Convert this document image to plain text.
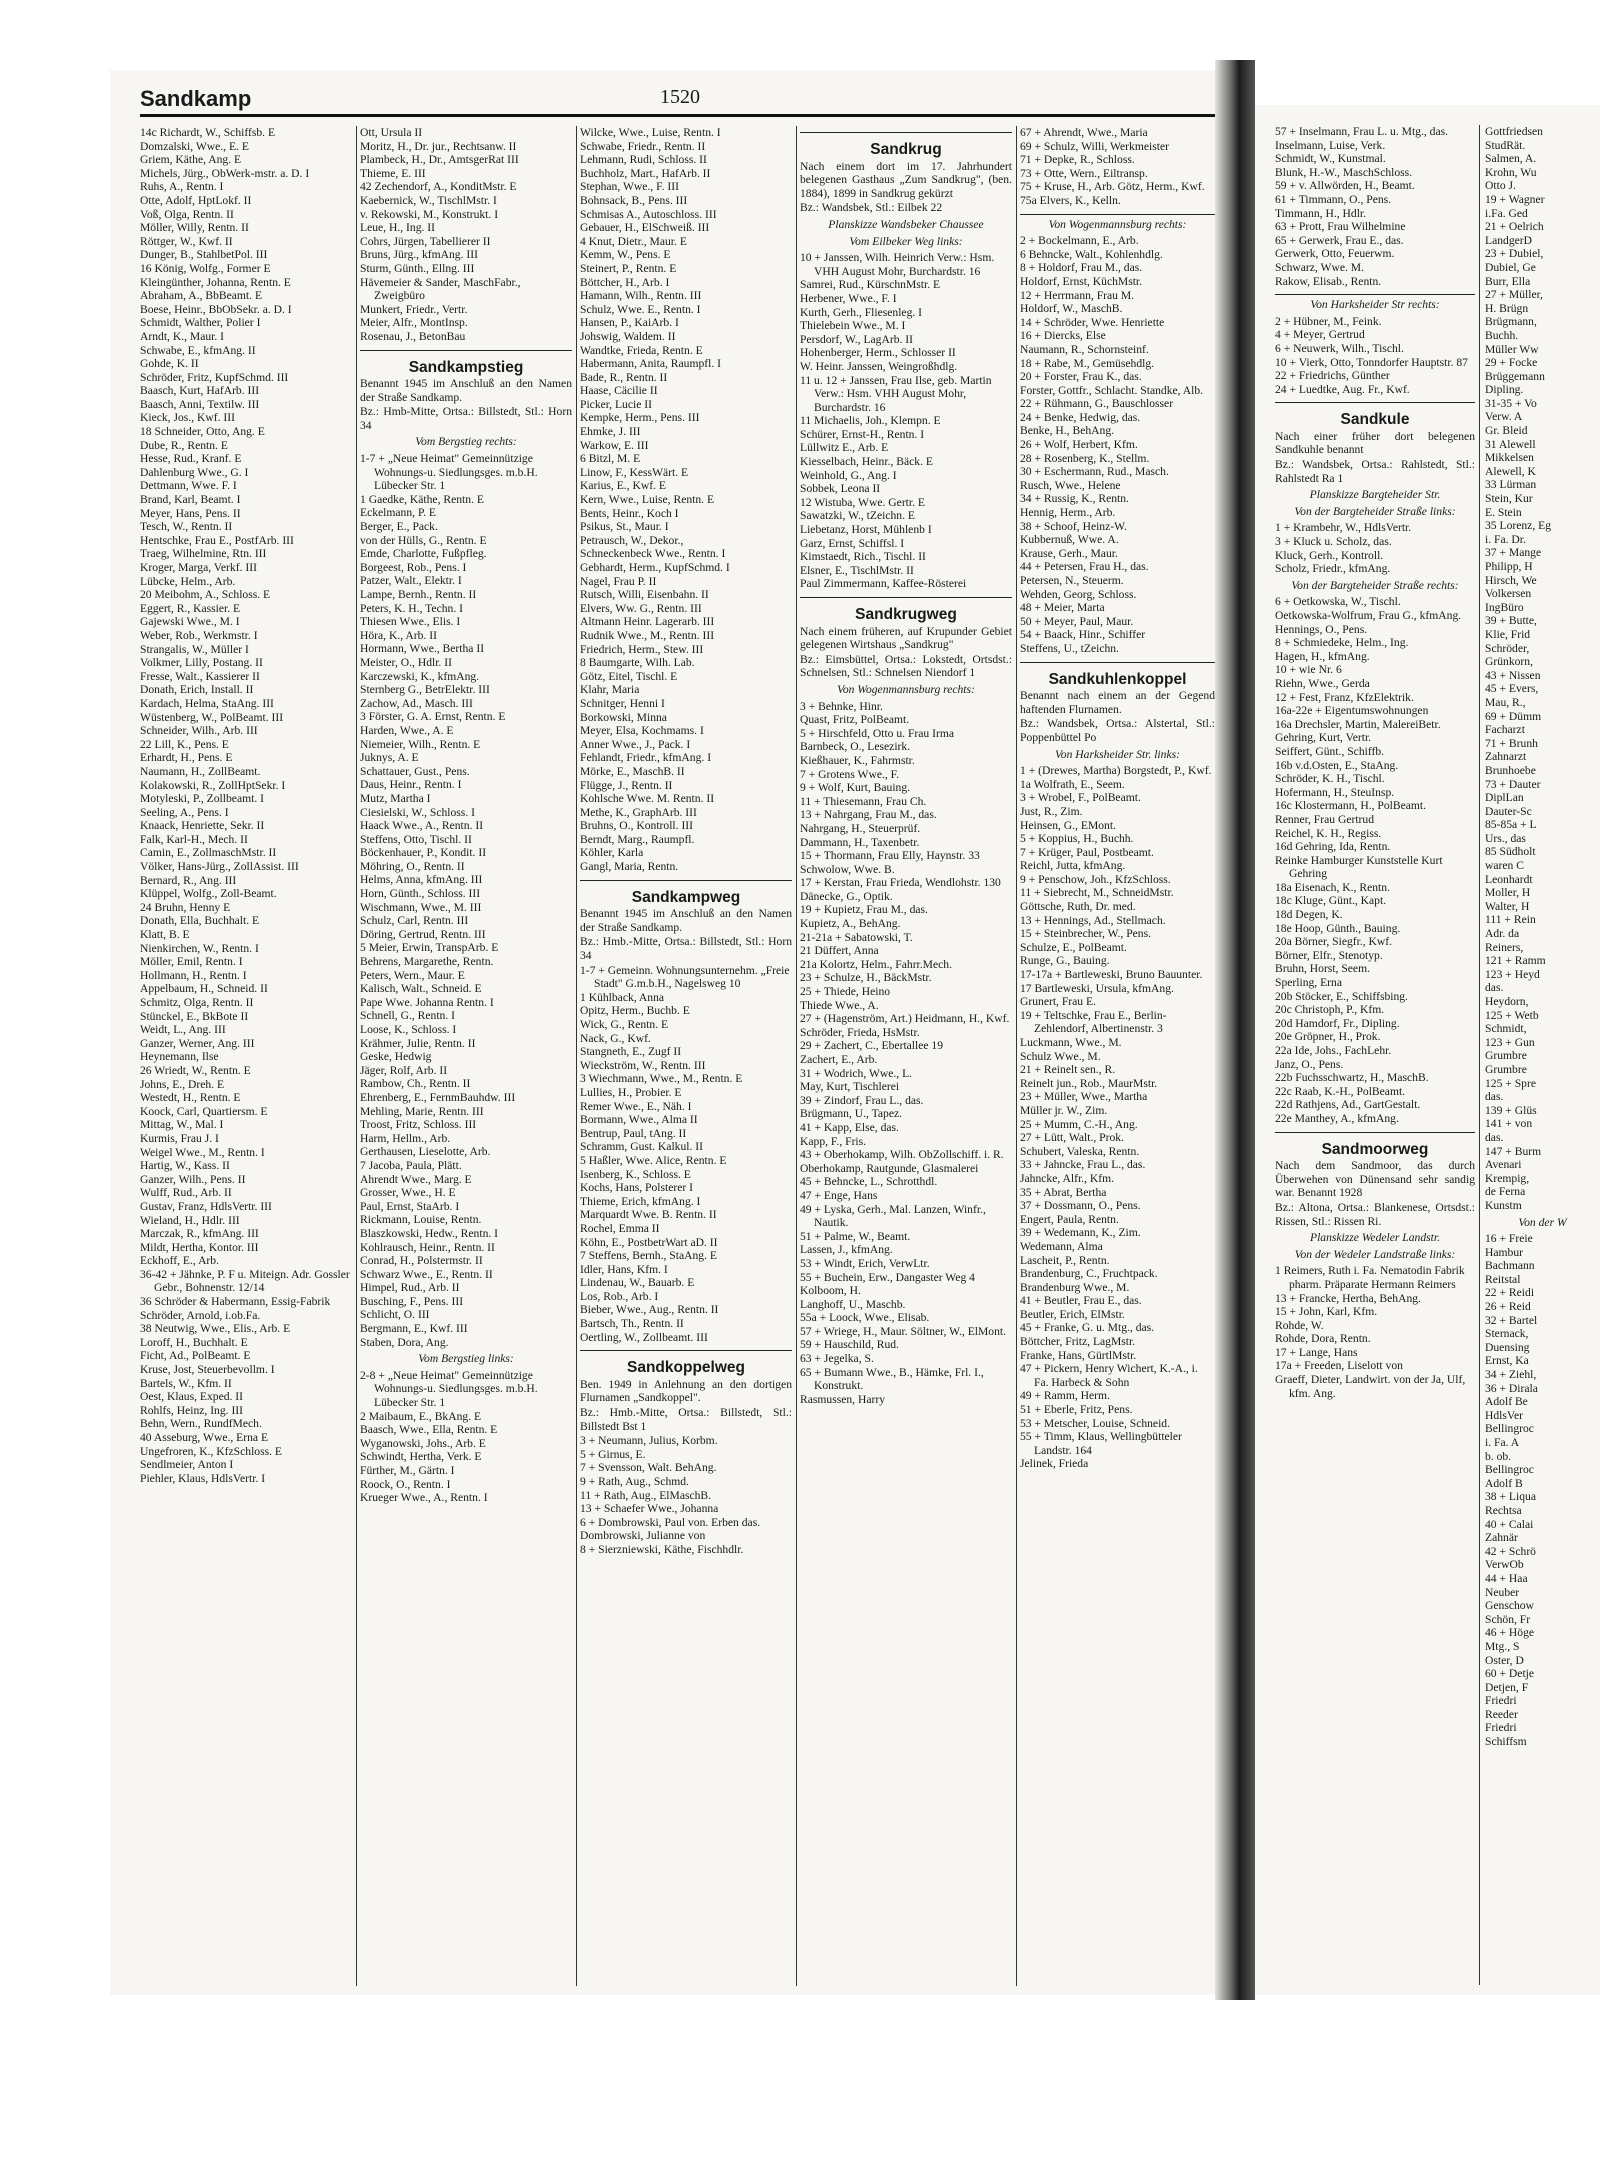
Sandkamp	1520
14c Richardt, W., Schiffsb. E
Domzalski, Wwe., E. E
Griem, Käthe, Ang. E
Michels, Jürg., ObWerk-mstr. a. D. I
Ruhs, A., Rentn. I
Otte, Adolf, HptLokf. II
Voß, Olga, Rentn. II
Möller, Willy, Rentn. II
Röttger, W., Kwf. II
Dunger, B., StahlbetPol. III
16 König, Wolfg., Former E
Kleingünther, Johanna, Rentn. E
Abraham, A., BbBeamt. E
Boese, Heinr., BbObSekr. a. D. I
Schmidt, Walther, Polier I
Arndt, K., Maur. I
Schwabe, E., kfmAng. II
Gohde, K. II
Schröder, Fritz, KupfSchmd. III
Baasch, Kurt, HafArb. III
Baasch, Anni, Textilw. III
Kieck, Jos., Kwf. III
18 Schneider, Otto, Ang. E
Dube, R., Rentn. E
Hesse, Rud., Kranf. E
Dahlenburg Wwe., G. I
Dettmann, Wwe. F. I
Brand, Karl, Beamt. I
Meyer, Hans, Pens. II
Tesch, W., Rentn. II
Hentschke, Frau E., PostfArb. III
Traeg, Wilhelmine, Rtn. III
Kroger, Marga, Verkf. III
Lübcke, Helm., Arb.
20 Meibohm, A., Schloss. E
Eggert, R., Kassier. E
Gajewski Wwe., M. I
Weber, Rob., Werkmstr. I
Strangalis, W., Müller I
Volkmer, Lilly, Postang. II
Fresse, Walt., Kassierer II
Donath, Erich, Install. II
Kardach, Helma, StaAng. III
Wüstenberg, W., PolBeamt. III
Schneider, Wilh., Arb. III
22 Lill, K., Pens. E
Erhardt, H., Pens. E
Naumann, H., ZollBeamt.
Kolakowski, R., ZollHptSekr. I
Motyleski, P., Zollbeamt. I
Seeling, A., Pens. I
Knaack, Henriette, Sekr. II
Falk, Karl-H., Mech. II
Camin, E., ZollmaschMstr. II
Völker, Hans-Jürg., ZollAssist. III
Bernard, R., Ang. III
Klüppel, Wolfg., Zoll-Beamt.
24 Bruhn, Henny E
Donath, Ella, Buchhalt. E
Klatt, B. E
Nienkirchen, W., Rentn. I
Möller, Emil, Rentn. I
Hollmann, H., Rentn. I
Appelbaum, H., Schneid. II
Schmitz, Olga, Rentn. II
Stünckel, E., BkBote II
Weidt, L., Ang. III
Ganzer, Werner, Ang. III
Heynemann, Ilse
26 Wriedt, W., Rentn. E
Johns, E., Dreh. E
Westedt, H., Rentn. E
Koock, Carl, Quartiersm. E
Mittag, W., Mal. I
Kurmis, Frau J. I
Weigel Wwe., M., Rentn. I
Hartig, W., Kass. II
Ganzer, Wilh., Pens. II
Wulff, Rud., Arb. II
Gustav, Franz, HdlsVertr. III
Wieland, H., Hdlr. III
Marczak, R., kfmAng. III
Mildt, Hertha, Kontor. III
Eckhoff, E., Arb.
36-42 + Jähnke, P. F u. Miteign. Adr. Gossler Gebr., Bohnenstr. 12/14
36 Schröder & Habermann, Essig-Fabrik
Schröder, Arnold, i.ob.Fa.
38 Neutwig, Wwe., Elis., Arb. E
Loroff, H., Buchhalt. E
Ficht, Ad., PolBeamt. E
Kruse, Jost, Steuerbevollm. I
Bartels, W., Kfm. II
Oest, Klaus, Exped. II
Rohlfs, Heinz, Ing. III
Behn, Wern., RundfMech.
40 Asseburg, Wwe., Erna E
Ungefroren, K., KfzSchloss. E
Sendlmeier, Anton I
Piehler, Klaus, HdlsVertr. I
Ott, Ursula II
Moritz, H., Dr. jur., Rechtsanw. II
Plambeck, H., Dr., AmtsgerRat III
Thieme, E. III
42 Zechendorf, A., KonditMstr. E
Kaebernick, W., TischlMstr. I
v. Rekowski, M., Konstrukt. I
Leue, H., Ing. II
Cohrs, Jürgen, Tabellierer II
Bruns, Jürg., kfmAng. III
Sturm, Günth., Ellng. III
Hävemeier & Sander, MaschFabr., Zweigbüro
Munkert, Friedr., Vertr.
Meier, Alfr., MontInsp.
Rosenau, J., BetonBau
Sandkampstieg
Benannt 1945 im Anschluß an den Namen der Straße Sandkamp.
Bz.: Hmb-Mitte, Ortsa.: Billstedt, Stl.: Horn 34
Vom Bergstieg rechts:
1-7 + „Neue Heimat" Gemeinnützige Wohnungs-u. Siedlungsges. m.b.H. Lübecker Str. 1
1 Gaedke, Käthe, Rentn. E
Eckelmann, P. E
Berger, E., Pack.
von der Hülls, G., Rentn. E
Emde, Charlotte, Fußpfleg.
Borgeest, Rob., Pens. I
Patzer, Walt., Elektr. I
Lampe, Bernh., Rentn. II
Peters, K. H., Techn. I
Thiesen Wwe., Elis. I
Höra, K., Arb. II
Hormann, Wwe., Bertha II
Meister, O., Hdlr. II
Karczewski, K., kfmAng.
Sternberg G., BetrElektr. III
Zachow, Ad., Masch. III
3 Förster, G. A. Ernst, Rentn. E
Harden, Wwe., A. E
Niemeier, Wilh., Rentn. E
Juknys, A. E
Schattauer, Gust., Pens.
Daus, Heinr., Rentn. I
Mutz, Martha I
Ciesielski, W., Schloss. I
Haack Wwe., A., Rentn. II
Steffens, Otto, Tischl. II
Böckenhauer, P., Kondit. II
Möhring, O., Rentn. II
Helms, Anna, kfmAng. III
Horn, Günth., Schloss. III
Wischmann, Wwe., M. III
Schulz, Carl, Rentn. III
Döring, Gertrud, Rentn. III
5 Meier, Erwin, TranspArb. E
Behrens, Margarethe, Rentn.
Peters, Wern., Maur. E
Kalisch, Walt., Schneid. E
Pape Wwe. Johanna Rentn. I
Schnell, G., Rentn. I
Loose, K., Schloss. I
Krähmer, Julie, Rentn. II
Geske, Hedwig
Jäger, Rolf, Arb. II
Rambow, Ch., Rentn. II
Ehrenberg, E., FernmBauhdw. III
Mehling, Marie, Rentn. III
Troost, Fritz, Schloss. III
Harm, Hellm., Arb.
Gerthausen, Lieselotte, Arb.
7 Jacoba, Paula, Plätt.
Ahrendt Wwe., Marg. E
Grosser, Wwe., H. E
Paul, Ernst, StaArb. I
Rickmann, Louise, Rentn.
Blaszkowski, Hedw., Rentn. I
Kohlrausch, Heinr., Rentn. II
Conrad, H., Polstermstr. II
Schwarz Wwe., E., Rentn. II
Himpel, Rud., Arb. II
Busching, F., Pens. III
Schlicht, O. III
Bergmann, E., Kwf. III
Staben, Dora, Ang.
Vom Bergstieg links:
2-8 + „Neue Heimat" Gemeinnützige Wohnungs-u. Siedlungsges. m.b.H. Lübecker Str. 1
2 Maibaum, E., BkAng. E
Baasch, Wwe., Ella, Rentn. E
Wyganowski, Johs., Arb. E
Schwindt, Hertha, Verk. E
Fürther, M., Gärtn. I
Roock, O., Rentn. I
Krueger Wwe., A., Rentn. I
Wilcke, Wwe., Luise, Rentn. I
Schwabe, Friedr., Rentn. II
Lehmann, Rudi, Schloss. II
Buchholz, Mart., HafArb. II
Stephan, Wwe., F. III
Bohnsack, B., Pens. III
Schmisas A., Autoschloss. III
Gebauer, H., ElSchweiß. III
4 Knut, Dietr., Maur. E
Kemm, W., Pens. E
Steinert, P., Rentn. E
Böttcher, H., Arb. I
Hamann, Wilh., Rentn. III
Schulz, Wwe. E., Rentn. I
Hansen, P., KaiArb. I
Johswig, Waldem. II
Wandtke, Frieda, Rentn. E
Habermann, Anita, Raumpfl. I
Bade, R., Rentn. II
Haase, Cäcilie II
Picker, Lucie II
Kempke, Herm., Pens. III
Ehmke, J. III
Warkow, E. III
6 Bitzl, M. E
Linow, F., KessWärt. E
Karius, E., Kwf. E
Kern, Wwe., Luise, Rentn. E
Bents, Heinr., Koch I
Psikus, St., Maur. I
Petrausch, W., Dekor.,
Schneckenbeck Wwe., Rentn. I
Gebhardt, Herm., KupfSchmd. I
Nagel, Frau P. II
Rutsch, Willi, Eisenbahn. II
Elvers, Ww. G., Rentn. III
Altmann Heinr. Lagerarb. III
Rudnik Wwe., M., Rentn. III
Friedrich, Herm., Stew. III
8 Baumgarte, Wilh. Lab.
Götz, Eitel, Tischl. E
Klahr, Maria
Schnitger, Henni I
Borkowski, Minna
Meyer, Elsa, Kochmams. I
Anner Wwe., J., Pack. I
Fehlandt, Friedr., kfmAng. I
Mörke, E., MaschB. II
Flügge, J., Rentn. II
Kohlsche Wwe. M. Rentn. II
Methe, K., GraphArb. III
Bruhns, O., Kontroll. III
Berndt, Marg., Raumpfl.
Köhler, Karla
Gangl, Maria, Rentn.
Sandkampweg
Benannt 1945 im Anschluß an den Namen der Straße Sandkamp.
Bz.: Hmb.-Mitte, Ortsa.: Billstedt, Stl.: Horn 34
1-7 + Gemeinn. Wohnungsunternehm. „Freie Stadt" G.m.b.H., Nagelsweg 10
1 Kühlback, Anna
Opitz, Herm., Buchb. E
Wick, G., Rentn. E
Nack, G., Kwf.
Stangneth, E., Zugf II
Wieckström, W., Rentn. III
3 Wiechmann, Wwe., M., Rentn. E
Lullies, H., Probier. E
Remer Wwe., E., Näh. I
Bormann, Wwe., Alma II
Bentrup, Paul, tAng. II
Schramm, Gust. Kalkul. II
5 Haßler, Wwe. Alice, Rentn. E
Isenberg, K., Schloss. E
Kochs, Hans, Polsterer I
Thieme, Erich, kfmAng. I
Marquardt Wwe. B. Rentn. II
Rochel, Emma II
Köhn, E., PostbetrWart aD. II
7 Steffens, Bernh., StaAng. E
Idler, Hans, Kfm. I
Lindenau, W., Bauarb. E
Los, Rob., Arb. I
Bieber, Wwe., Aug., Rentn. II
Bartsch, Th., Rentn. II
Oertling, W., Zollbeamt. III
Sandkoppelweg
Ben. 1949 in Anlehnung an den dortigen Flurnamen „Sandkoppel".
Bz.: Hmb.-Mitte, Ortsa.: Billstedt, Stl.: Billstedt Bst 1
3 + Neumann, Julius, Korbm.
5 + Girnus, E.
7 + Svensson, Walt. BehAng.
9 + Rath, Aug., Schmd.
11 + Rath, Aug., ElMaschB.
13 + Schaefer Wwe., Johanna
6 + Dombrowski, Paul von. Erben das.
Dombrowski, Julianne von
8 + Sierzniewski, Käthe, Fischhdlr.
Sandkrug
Nach einem dort im 17. Jahrhundert belegenen Gasthaus „Zum Sandkrug", (ben. 1884), 1899 in Sandkrug gekürzt
Bz.: Wandsbek, Stl.: Eilbek 22
Planskizze Wandsbeker Chaussee
Vom Eilbeker Weg links:
10 + Janssen, Wilh. Heinrich Verw.: Hsm. VHH August Mohr, Burchardstr. 16
Samrei, Rud., KürschnMstr. E
Herbener, Wwe., F. I
Kurth, Gerh., Fliesenleg. I
Thielebein Wwe., M. I
Persdorf, W., LagArb. II
Hohenberger, Herm., Schlosser II
W. Heinr. Janssen, Weingroßhdlg.
11 u. 12 + Janssen, Frau Ilse, geb. Martin Verw.: Hsm. VHH August Mohr, Burchardstr. 16
11 Michaelis, Joh., Klempn. E
Schürer, Ernst-H., Rentn. I
Lüllwitz E., Arb. E
Kiesselbach, Heinr., Bäck. E
Weinhold, G., Ang. I
Sobbek, Leona II
12 Wistuba, Wwe. Gertr. E
Sawatzki, W., tZeichn. E
Liebetanz, Horst, Mühlenb I
Garz, Ernst, Schiffsl. I
Kimstaedt, Rich., Tischl. II
Elsner, E., TischlMstr. II
Paul Zimmermann, Kaffee-Rösterei
Sandkrugweg
Nach einem früheren, auf Krupunder Gebiet gelegenen Wirtshaus „Sandkrug"
Bz.: Eimsbüttel, Ortsa.: Lokstedt, Ortsdst.: Schnelsen, Stl.: Schnelsen Niendorf 1
Von Wogenmannsburg rechts:
3 + Behnke, Hinr.
Quast, Fritz, PolBeamt.
5 + Hirschfeld, Otto u. Frau Irma
Barnbeck, O., Lesezirk.
Kießhauer, K., Fahrmstr.
7 + Grotens Wwe., F.
9 + Wolf, Kurt, Bauing.
11 + Thiesemann, Frau Ch.
13 + Nahrgang, Frau M., das.
Nahrgang, H., Steuerprüf.
Dammann, H., Taxenbetr.
15 + Thormann, Frau Elly, Haynstr. 33
Schwolow, Wwe. B.
17 + Kerstan, Frau Frieda, Wendlohstr. 130
Dänecke, G., Optik.
19 + Kupietz, Frau M., das.
Kupietz, A., BehAng.
21-21a + Sabatowski, T.
21 Düffert, Anna
21a Kolortz, Helm., Fahrr.Mech.
23 + Schulze, H., BäckMstr.
25 + Thiede, Heino
Thiede Wwe., A.
27 + (Hagenström, Art.) Heidmann, H., Kwf.
Schröder, Frieda, HsMstr.
29 + Zachert, C., Ebertallee 19
Zachert, E., Arb.
31 + Wodrich, Wwe., L.
May, Kurt, Tischlerei
39 + Zindorf, Frau L., das.
Brügmann, U., Tapez.
41 + Kapp, Else, das.
Kapp, F., Fris.
43 + Oberhokamp, Wilh. ObZollschiff. i. R.
Oberhokamp, Rautgunde, Glasmalerei
45 + Behncke, L., Schrotthdl.
47 + Enge, Hans
49 + Lyska, Gerh., Mal. Lanzen, Winfr., Nautik.
51 + Palme, W., Beamt.
Lassen, J., kfmAng.
53 + Windt, Erich, VerwLtr.
55 + Buchein, Erw., Dangaster Weg 4
Kolboom, H.
Langhoff, U., Maschb.
55a + Loock, Wwe., Elisab.
57 + Wriege, H., Maur. Söltner, W., ElMont.
59 + Hauschild, Rud.
63 + Jegelka, S.
65 + Bumann Wwe., B., Hämke, Frl. I., Konstrukt.
Rasmussen, Harry
67 + Ahrendt, Wwe., Maria
69 + Schulz, Willi, Werkmeister
71 + Depke, R., Schloss.
73 + Otte, Wern., Eiltransp.
75 + Kruse, H., Arb. Götz, Herm., Kwf.
75a Elvers, K., Kelln.
Von Wogenmannsburg rechts:
2 + Bockelmann, E., Arb.
6 Behncke, Walt., Kohlenhdlg.
8 + Holdorf, Frau M., das.
Holdorf, Ernst, KüchMstr.
12 + Herrmann, Frau M.
Holdorf, W., MaschB.
14 + Schröder, Wwe. Henriette
16 + Diercks, Else
Naumann, R., Schornsteinf.
18 + Rabe, M., Gemüsehdlg.
20 + Forster, Frau K., das.
Forster, Gottfr., Schlacht. Standke, Alb.
22 + Rühmann, G., Bauschlosser
24 + Benke, Hedwig, das.
Benke, H., BehAng.
26 + Wolf, Herbert, Kfm.
28 + Rosenberg, K., Stellm.
30 + Eschermann, Rud., Masch.
Rusch, Wwe., Helene
34 + Russig, K., Rentn.
Hennig, Herm., Arb.
38 + Schoof, Heinz-W.
Kubbernuß, Wwe. A.
Krause, Gerh., Maur.
44 + Petersen, Frau H., das.
Petersen, N., Steuerm.
Wehden, Georg, Schloss.
48 + Meier, Marta
50 + Meyer, Paul, Maur.
54 + Baack, Hinr., Schiffer
Steffens, U., tZeichn.
Sandkuhlenkoppel
Benannt nach einem an der Gegend haftenden Flurnamen.
Bz.: Wandsbek, Ortsa.: Alstertal, Stl.: Poppenbüttel Po
Von Harksheider Str. links:
1 + (Drewes, Martha) Borgstedt, P., Kwf.
1a Wolfrath, E., Seem.
3 + Wrobel, F., PolBeamt.
Just, R., Zim.
Heinsen, G., EMont.
5 + Koppius, H., Buchh.
7 + Krüger, Paul, Postbeamt.
Reichl, Jutta, kfmAng.
9 + Penschow, Joh., KfzSchloss.
11 + Siebrecht, M., SchneidMstr.
Göttsche, Ruth, Dr. med.
13 + Hennings, Ad., Stellmach.
15 + Steinbrecher, W., Pens.
Schulze, E., PolBeamt.
Runge, G., Bauing.
17-17a + Bartleweski, Bruno Bauunter.
17 Bartleweski, Ursula, kfmAng.
Grunert, Frau E.
19 + Teltschke, Frau E., Berlin-Zehlendorf, Albertinenstr. 3
Luckmann, Wwe., M.
Schulz Wwe., M.
21 + Reinelt sen., R.
Reinelt jun., Rob., MaurMstr.
23 + Müller, Wwe., Martha
Müller jr. W., Zim.
25 + Mumm, C.-H., Ang.
27 + Lütt, Walt., Prok.
Schubert, Valeska, Rentn.
33 + Jahncke, Frau L., das.
Jahncke, Alfr., Kfm.
35 + Abrat, Bertha
37 + Dossmann, O., Pens.
Engert, Paula, Rentn.
39 + Wedemann, K., Zim.
Wedemann, Alma
Lascheit, P., Rentn.
Brandenburg, C., Fruchtpack.
Brandenburg Wwe., M.
41 + Beutler, Frau E., das.
Beutler, Erich, ElMstr.
45 + Franke, G. u. Mtg., das.
Böttcher, Fritz, LagMstr.
Franke, Hans, GürtlMstr.
47 + Pickern, Henry Wichert, K.-A., i. Fa. Harbeck & Sohn
49 + Ramm, Herm.
51 + Eberle, Fritz, Pens.
53 + Metscher, Louise, Schneid.
55 + Timm, Klaus, Wellingbütteler Landstr. 164
Jelinek, Frieda
57 + Inselmann, Frau L. u. Mtg., das.
Inselmann, Luise, Verk.
Schmidt, W., Kunstmal.
Blunk, H.-W., MaschSchloss.
59 + v. Allwörden, H., Beamt.
61 + Timmann, O., Pens.
Timmann, H., Hdlr.
63 + Prott, Frau Wilhelmine
65 + Gerwerk, Frau E., das.
Gerwerk, Otto, Feuerwm.
Schwarz, Wwe. M.
Rakow, Elisab., Rentn.
Von Harksheider Str rechts:
2 + Hübner, M., Feink.
4 + Meyer, Gertrud
6 + Neuwerk, Wilh., Tischl.
10 + Vierk, Otto, Tonndorfer Hauptstr. 87
22 + Friedrichs, Günther
24 + Luedtke, Aug. Fr., Kwf.
Sandkule
Nach einer früher dort belegenen Sandkuhle benannt
Bz.: Wandsbek, Ortsa.: Rahlstedt, Stl.: Rahlstedt Ra 1
Planskizze Bargteheider Str.
Von der Bargteheider Straße links:
1 + Krambehr, W., HdlsVertr.
3 + Kluck u. Scholz, das.
Kluck, Gerh., Kontroll.
Scholz, Friedr., kfmAng.
Von der Bargteheider Straße rechts:
6 + Oetkowska, W., Tischl.
Oetkowska-Wolfrum, Frau G., kfmAng.
Hennings, O., Pens.
8 + Schmiedeke, Helm., Ing.
Hagen, H., kfmAng.
10 + wie Nr. 6
Riehn, Wwe., Gerda
12 + Fest, Franz, KfzElektrik.
16a-22e + Eigentumswohnungen
16a Drechsler, Martin, MalereiBetr.
Gehring, Kurt, Vertr.
Seiffert, Günt., Schiffb.
16b v.d.Osten, E., StaAng.
Schröder, K. H., Tischl.
Hofermann, H., SteuInsp.
16c Klostermann, H., PolBeamt.
Renner, Frau Gertrud
Reichel, K. H., Regiss.
16d Gehring, Ida, Rentn.
Reinke Hamburger Kunststelle Kurt Gehring
18a Eisenach, K., Rentn.
18c Kluge, Günt., Kapt.
18d Degen, K.
18e Hoop, Günth., Bauing.
20a Börner, Siegfr., Kwf.
Börner, Elfr., Stenotyp.
Bruhn, Horst, Seem.
Sperling, Erna
20b Stöcker, E., Schiffsbing.
20c Christoph, P., Kfm.
20d Hamdorf, Fr., Dipling.
20e Gröpner, H., Prok.
22a Ide, Johs., FachLehr.
Janz, O., Pens.
22b Fuchsschwartz, H., MaschB.
22c Raab, K.-H., PolBeamt.
22d Rathjens, Ad., GartGestalt.
22e Manthey, A., kfmAng.
Sandmoorweg
Nach dem Sandmoor, das durch Überwehen von Dünensand sehr sandig war. Benannt 1928
Bz.: Altona, Ortsa.: Blankenese, Ortsdst.: Rissen, Stl.: Rissen Ri.
Planskizze Wedeler Landstr.
Von der Wedeler Landstraße links:
1 Reimers, Ruth i. Fa. Nematodin Fabrik pharm. Präparate Hermann Reimers
13 + Francke, Hertha, BehAng.
15 + John, Karl, Kfm.
Rohde, W.
Rohde, Dora, Rentn.
17 + Lange, Hans
17a + Freeden, Liselott von
Graeff, Dieter, Landwirt. von der Ja, Ulf, kfm. Ang.
Gottfriedsen
StudRät.
Salmen, A.
Krohn, Wu
Otto J.
19 + Wagner
i.Fa. Ged
21 + Oelrich
LandgerD
23 + Dubiel,
Dubiel, Ge
Burr, Ella
27 + Müller,
H. Brügn
Brügmann,
Buchh.
Müller Ww
29 + Focke
Brüggemann
Dipling.
31-35 + Vo
Verw. A
Gr. Bleid
31 Alewell
Mikkelsen
Alewell, K
33 Lürman
Stein, Kur
E. Stein
35 Lorenz, Eg
i. Fa. Dr.
37 + Mange
Philipp, H
Hirsch, We
Volkersen
IngBüro
39 + Butte,
Klie, Frid
Schröder,
Grünkorn,
43 + Nissen
45 + Evers,
Mau, R.,
69 + Dümm
Facharzt
71 + Brunh
Zahnarzt
Brunhoebe
73 + Dauter
DiplLan
Dauter-Sc
85-85a + L
Urs., das
85 Südholt
waren C
Leonhardt
Moller, H
Walter, H
111 + Rein
Adr. da
Reiners,
121 + Ramm
123 + Heyd
das.
Heydorn,
125 + Wetb
Schmidt,
123 + Gun
Grumbre
Grumbre
125 + Spre
das.
139 + Glüs
141 + von
das.
147 + Burm
Avenari
Krempig,
de Ferna
Kunstm
Von der W
16 + Freie
Hambur
Bachmann
Reitstal
22 + Reidi
26 + Reid
32 + Bartel
Sternack,
Duensing
Ernst, Ka
34 + Ziehl,
36 + Dirala
Adolf Be
HdlsVer
Bellingroc
i. Fa. A
b. ob.
Bellingroc
Adolf B
38 + Liqua
Rechtsa
40 + Calai
Zahnär
42 + Schrö
VerwOb
44 + Haa
Neuber
Genschow
Schön, Fr
46 + Höge
Mtg., S
Oster, D
60 + Detje
Detjen, F
Friedri
Reeder
Friedri
Schiffsm
